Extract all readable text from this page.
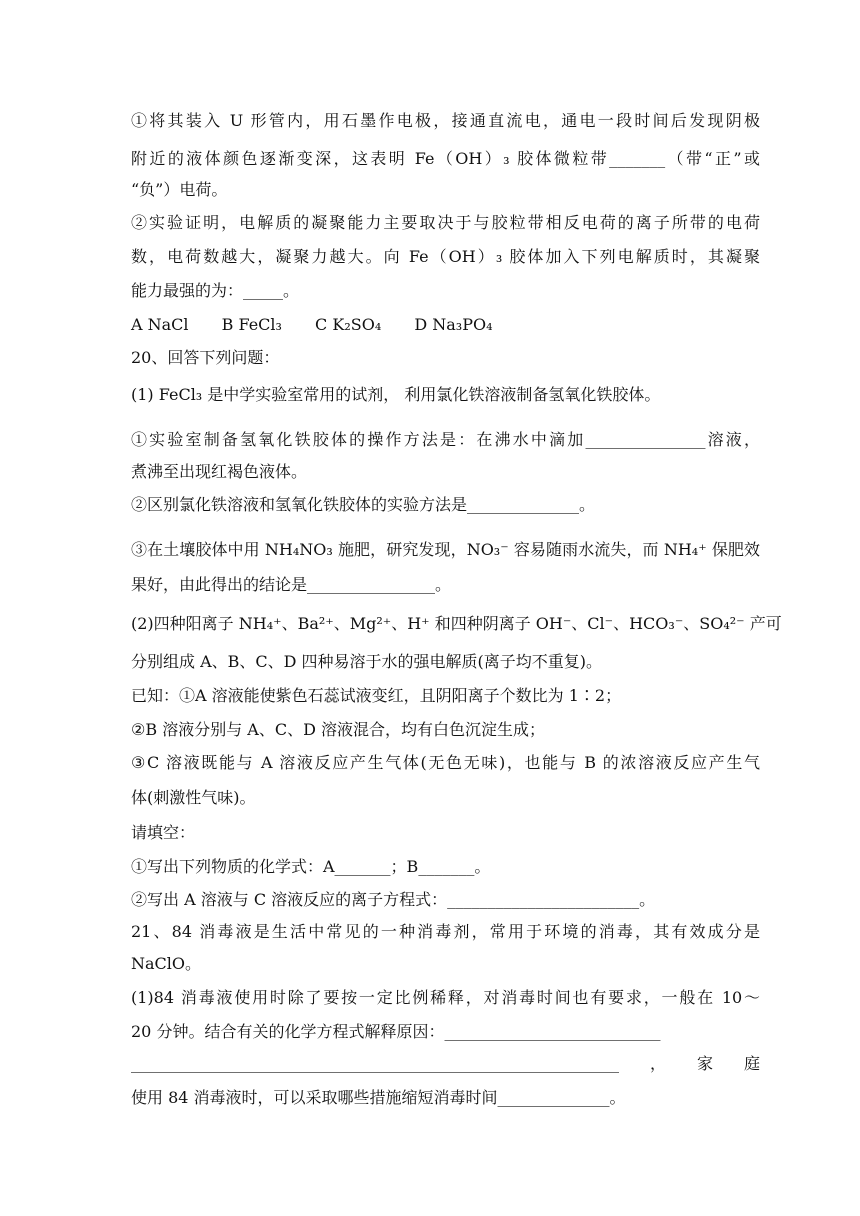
①将其装入 U 形管内，用石墨作电极，接通直流电，通电一段时间后发现阴极
附近的液体颜色逐渐变深，这表明 Fe（OH）₃ 胶体微粒带_______（带“正”或
“负”）电荷。
②实验证明，电解质的凝聚能力主要取决于与胶粒带相反电荷的离子所带的电荷
数，电荷数越大，凝聚力越大。向 Fe（OH）₃ 胶体加入下列电解质时，其凝聚
能力最强的为：_____。
A NaCl B FeCl₃ C K₂SO₄ D Na₃PO₄
20、回答下列问题：
(1) FeCl₃ 是中学实验室常用的试剂， 利用氯化铁溶液制备氢氧化铁胶体。
①实验室制备氢氧化铁胶体的操作方法是：在沸水中滴加_______________溶液，
煮沸至出现红褐色液体。
②区别氯化铁溶液和氢氧化铁胶体的实验方法是______________。
③在土壤胶体中用 NH₄NO₃ 施肥，研究发现，NO₃⁻ 容易随雨水流失，而 NH₄⁺ 保肥效
果好，由此得出的结论是________________。
(2)四种阳离子 NH₄⁺、Ba²⁺、Mg²⁺、H⁺ 和四种阴离子 OH⁻、Cl⁻、HCO₃⁻、SO₄²⁻ 产可
分别组成 A、B、C、D 四种易溶于水的强电解质(离子均不重复)。
已知：①A 溶液能使紫色石蕊试液变红，且阴阳离子个数比为 1∶2；
②B 溶液分别与 A、C、D 溶液混合，均有白色沉淀生成；
③C 溶液既能与 A 溶液反应产生气体(无色无味)，也能与 B 的浓溶液反应产生气
体(刺激性气味)。
请填空：
①写出下列物质的化学式：A_______；B_______。
②写出 A 溶液与 C 溶液反应的离子方程式：________________________。
21、84 消毒液是生活中常见的一种消毒剂，常用于环境的消毒，其有效成分是
NaClO。
(1)84 消毒液使用时除了要按一定比例稀释，对消毒时间也有要求，一般在 10～
20 分钟。结合有关的化学方程式解释原因：___________________________
_____________________________________________________________，家庭
使用 84 消毒液时，可以采取哪些措施缩短消毒时间______________。
